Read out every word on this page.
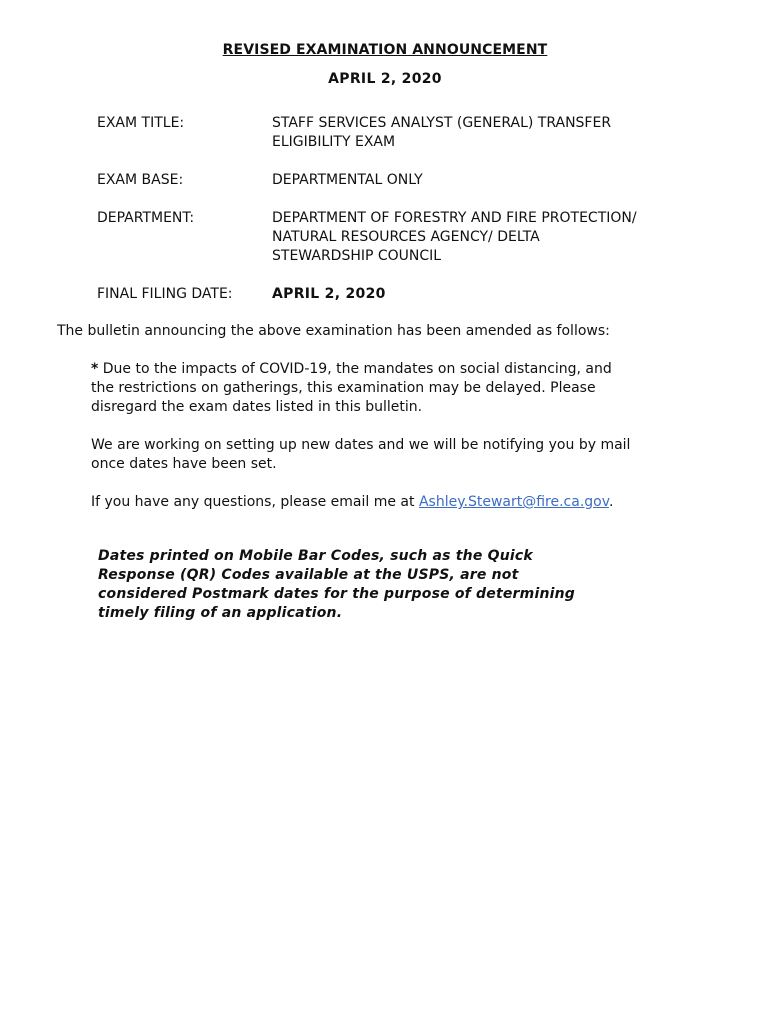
REVISED EXAMINATION ANNOUNCEMENT
APRIL 2, 2020
EXAM TITLE:	STAFF SERVICES ANALYST (GENERAL) TRANSFER
ELIGIBILITY EXAM
EXAM BASE:	DEPARTMENTAL ONLY
DEPARTMENT:	DEPARTMENT OF FORESTRY AND FIRE PROTECTION/
NATURAL RESOURCES AGENCY/ DELTA
STEWARDSHIP COUNCIL
FINAL FILING DATE:	APRIL 2, 2020
The bulletin announcing the above examination has been amended as follows:
* Due to the impacts of COVID-19, the mandates on social distancing, and
the restrictions on gatherings, this examination may be delayed. Please
disregard the exam dates listed in this bulletin.
We are working on setting up new dates and we will be notifying you by mail
once dates have been set.
If you have any questions, please email me at Ashley.Stewart@fire.ca.gov.
Dates printed on Mobile Bar Codes, such as the Quick
Response (QR) Codes available at the USPS, are not
considered Postmark dates for the purpose of determining
timely filing of an application.
